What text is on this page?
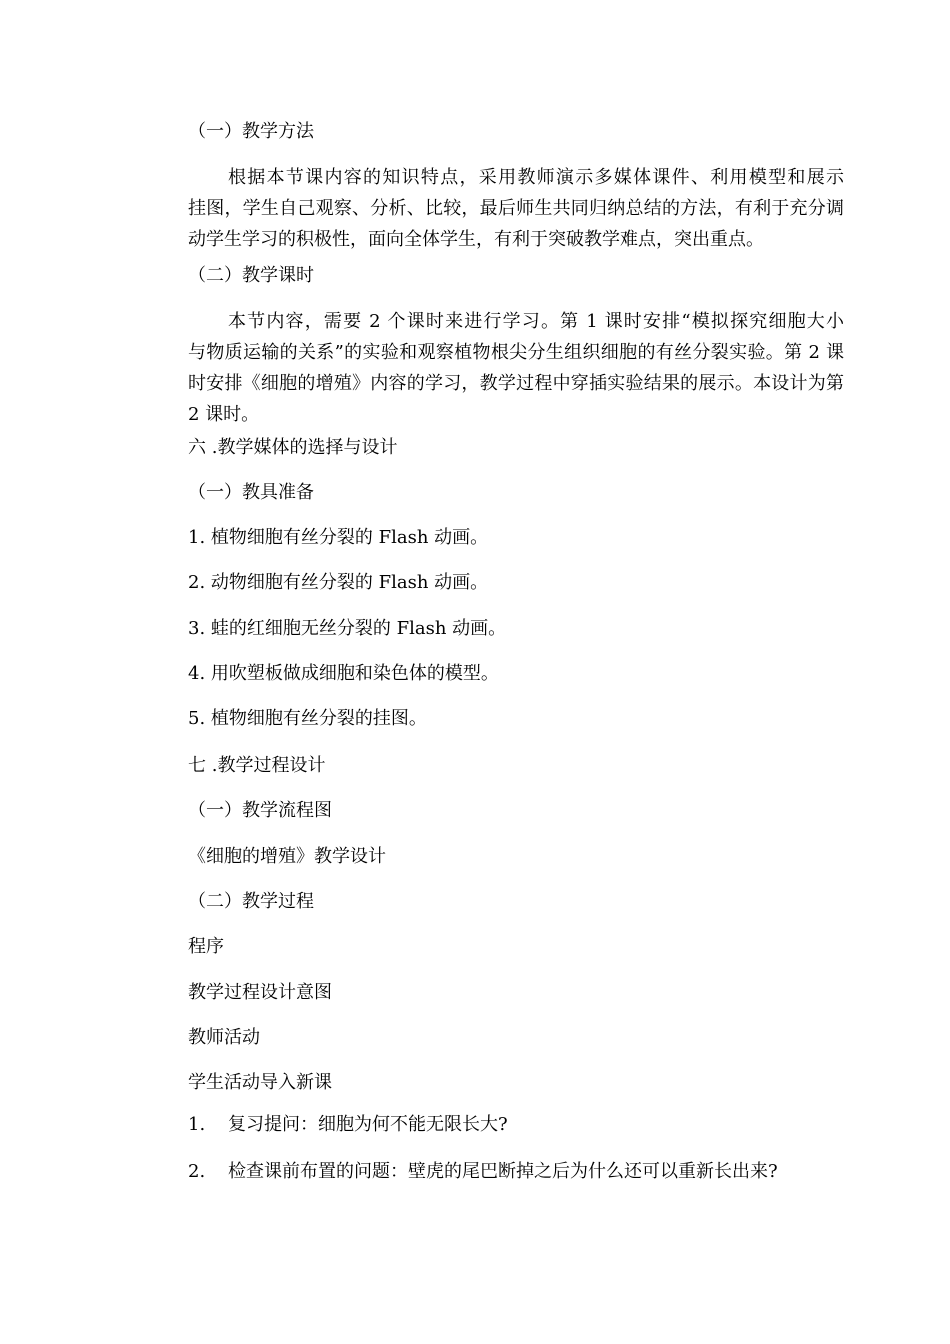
（一）教学方法
根据本节课内容的知识特点，采用教师演示多媒体课件、利用模型和展示
挂图，学生自己观察、分析、比较，最后师生共同归纳总结的方法，有利于充分调
动学生学习的积极性，面向全体学生，有利于突破教学难点，突出重点。
（二）教学课时
本节内容，需要 2 个课时来进行学习。第 1 课时安排“模拟探究细胞大小
与物质运输的关系”的实验和观察植物根尖分生组织细胞的有丝分裂实验。第 2 课
时安排《细胞的增殖》内容的学习，教学过程中穿插实验结果的展示。本设计为第
2 课时。
六 .教学媒体的选择与设计
（一）教具准备
1. 植物细胞有丝分裂的 Flash 动画。
2. 动物细胞有丝分裂的 Flash 动画。
3. 蛙的红细胞无丝分裂的 Flash 动画。
4. 用吹塑板做成细胞和染色体的模型。
5. 植物细胞有丝分裂的挂图。
七 .教学过程设计
（一）教学流程图
《细胞的增殖》教学设计
（二）教学过程
程序
教学过程设计意图
教师活动
学生活动导入新课
1. 复习提问：细胞为何不能无限长大?
2. 检查课前布置的问题：壁虎的尾巴断掉之后为什么还可以重新长出来?
